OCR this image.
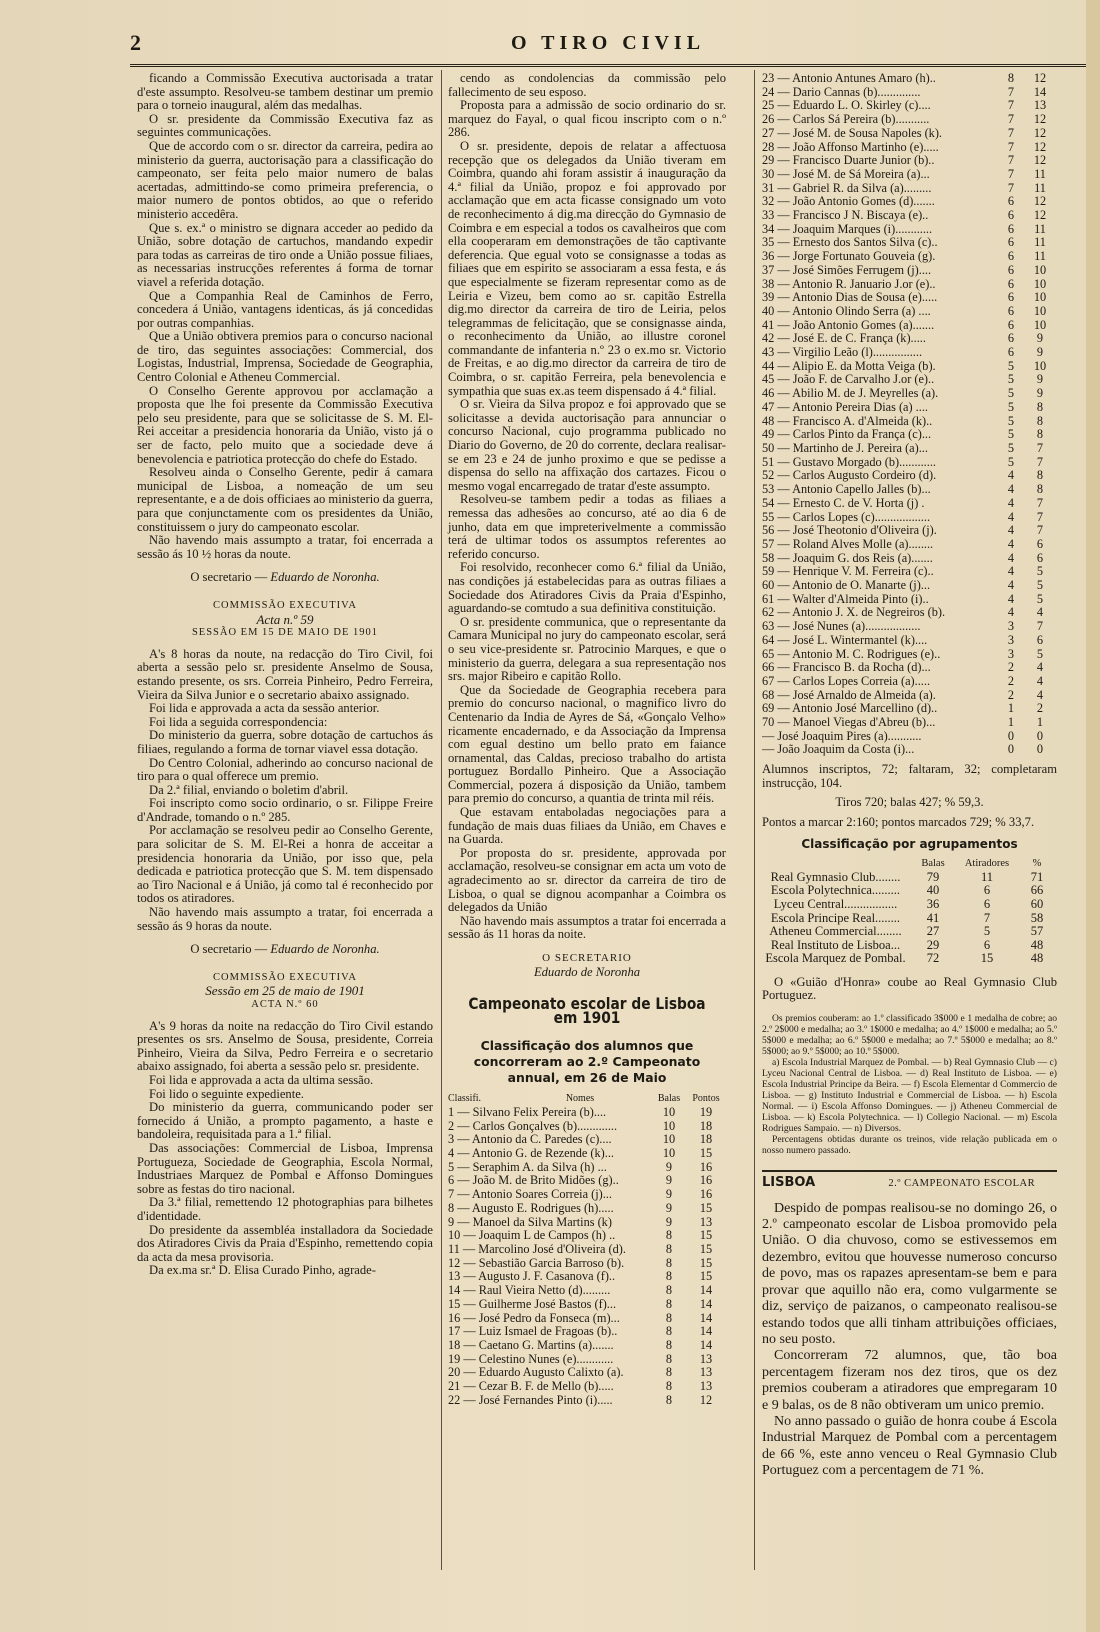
2	O TIRO CIVIL

ficando a Commissão Executiva auctorisada a tratar d'este assumpto. Resolveu-se tambem destinar um premio para o torneio inaugural, além das medalhas.

O sr. presidente da Commissão Executiva faz as seguintes communicações.

Que de accordo com o sr. director da carreira, pedira ao ministerio da guerra, auctorisação para a classificação do campeonato, ser feita pelo maior numero de balas acertadas, admittindo-se como primeira preferencia, o maior numero de pontos obtidos, ao que o referido ministerio accedêra.

Que s. ex.ª o ministro se dignara acceder ao pedido da União, sobre dotação de cartuchos, mandando expedir para todas as carreiras de tiro onde a União possue filiaes, as necessarias instrucções referentes á forma de tornar viavel a referida dotação.

Que a Companhia Real de Caminhos de Ferro, concedera á União, vantagens identicas, ás já concedidas por outras companhias.

Que a União obtivera premios para o concurso nacional de tiro, das seguintes associações: Commercial, dos Logistas, Industrial, Imprensa, Sociedade de Geographia, Centro Colonial e Atheneu Commercial.

O Conselho Gerente approvou por acclamação a proposta que lhe foi presente da Commissão Executiva pelo seu presidente, para que se solicitasse de S. M. El-Rei acceitar a presidencia honoraria da União, visto já o ser de facto, pelo muito que a sociedade deve á benevolencia e patriotica protecção do chefe do Estado.

Resolveu ainda o Conselho Gerente, pedir á camara municipal de Lisboa, a nomeação de um seu representante, e a de dois officiaes ao ministerio da guerra, para que conjunctamente com os presidentes da União, constituissem o jury do campeonato escolar.

Não havendo mais assumpto a tratar, foi encerrada a sessão ás 10 ½ horas da noute.

O secretario — Eduardo de Noronha.
COMMISSÃO EXECUTIVA
Acta n.º 59
SESSÃO EM 15 DE MAIO DE 1901

A's 8 horas da noute, na redacção do Tiro Civil, foi aberta a sessão pelo sr. presidente Anselmo de Sousa, estando presente, os srs. Correia Pinheiro, Pedro Ferreira, Vieira da Silva Junior e o secretario abaixo assignado.

Foi lida e approvada a acta da sessão anterior.

Foi lida a seguida correspondencia:

Do ministerio da guerra, sobre dotação de cartuchos ás filiaes, regulando a forma de tornar viavel essa dotação.

Do Centro Colonial, adherindo ao concurso nacional de tiro para o qual offerece um premio.

Da 2.ª filial, enviando o boletim d'abril.

Foi inscripto como socio ordinario, o sr. Filippe Freire d'Andrade, tomando o n.º 285.

Por acclamação se resolveu pedir ao Conselho Gerente, para solicitar de S. M. El-Rei a honra de acceitar a presidencia honoraria da União, por isso que, pela dedicada e patriotica protecção que S. M. tem dispensado ao Tiro Nacional e á União, já como tal é reconhecido por todos os atiradores.

Não havendo mais assumpto a tratar, foi encerrada a sessão ás 9 horas da noute.

O secretario — Eduardo de Noronha.
COMMISSÃO EXECUTIVA
Sessão em 25 de maio de 1901
ACTA N.º 60

A's 9 horas da noite na redacção do Tiro Civil estando presentes os srs. Anselmo de Sousa, presidente, Correia Pinheiro, Vieira da Silva, Pedro Ferreira e o secretario abaixo assignado, foi aberta a sessão pelo sr. presidente.

Foi lida e approvada a acta da ultima sessão.

Foi lido o seguinte expediente.

Do ministerio da guerra, communicando poder ser fornecido á União, a prompto pagamento, a haste e bandoleira, requisitada para a 1.ª filial.

Das associações: Commercial de Lisboa, Imprensa Portugueza, Sociedade de Geographia, Escola Normal, Industriaes Marquez de Pombal e Affonso Domingues sobre as festas do tiro nacional.

Da 3.ª filial, remettendo 12 photographias para bilhetes d'identidade.

Do presidente da assembléa installadora da Sociedade dos Atiradores Civis da Praia d'Espinho, remettendo copia da acta da mesa provisoria.

Da ex.ma sr.ª D. Elisa Curado Pinho, agrade-

cendo as condolencias da commissão pelo fallecimento de seu esposo.

Proposta para a admissão de socio ordinario do sr. marquez do Fayal, o qual ficou inscripto com o n.º 286.

O sr. presidente, depois de relatar a affectuosa recepção que os delegados da União tiveram em Coimbra, quando ahi foram assistir á inauguração da 4.ª filial da União, propoz e foi approvado por acclamação que em acta ficasse consignado um voto de reconhecimento á dig.ma direcção do Gymnasio de Coimbra e em especial a todos os cavalheiros que com ella cooperaram em demonstrações de tão captivante deferencia. Que egual voto se consignasse a todas as filiaes que em espirito se associaram a essa festa, e ás que especialmente se fizeram representar como as de Leiria e Vizeu, bem como ao sr. capitão Estrella dig.mo director da carreira de tiro de Leiria, pelos telegrammas de felicitação, que se consignasse ainda, o reconhecimento da União, ao illustre coronel commandante de infanteria n.º 23 o ex.mo sr. Victorio de Freitas, e ao dig.mo director da carreira de tiro de Coimbra, o sr. capitão Ferreira, pela benevolencia e sympathia que suas ex.as teem dispensado á 4.ª filial.

O sr. Vieira da Silva propoz e foi approvado que se solicitasse a devida auctorisação para annunciar o concurso Nacional, cujo programma publicado no Diario do Governo, de 20 do corrente, declara realisar-se em 23 e 24 de junho proximo e que se pedisse a dispensa do sello na affixação dos cartazes. Ficou o mesmo vogal encarregado de tratar d'este assumpto.

Resolveu-se tambem pedir a todas as filiaes a remessa das adhesões ao concurso, até ao dia 6 de junho, data em que impreterivelmente a commissão terá de ultimar todos os assumptos referentes ao referido concurso.

Foi resolvido, reconhecer como 6.ª filial da União, nas condições já estabelecidas para as outras filiaes a Sociedade dos Atiradores Civis da Praia d'Espinho, aguardando-se comtudo a sua definitiva constituição.

O sr. presidente communica, que o representante da Camara Municipal no jury do campeonato escolar, será o seu vice-presidente sr. Patrocinio Marques, e que o ministerio da guerra, delegara a sua representação nos srs. major Ribeiro e capitão Rollo.

Que da Sociedade de Geographia recebera para premio do concurso nacional, o magnifico livro do Centenario da India de Ayres de Sá, «Gonçalo Velho» ricamente encadernado, e da Associação da Imprensa com egual destino um bello prato em faiance ornamental, das Caldas, precioso trabalho do artista portuguez Bordallo Pinheiro. Que a Associação Commercial, pozera á disposição da União, tambem para premio do concurso, a quantia de trinta mil réis.

Que estavam entaboladas negociações para a fundação de mais duas filiaes da União, em Chaves e na Guarda.

Por proposta do sr. presidente, approvada por acclamação, resolveu-se consignar em acta um voto de agradecimento ao sr. director da carreira de tiro de Lisboa, o qual se dignou acompanhar a Coimbra os delegados da União

Não havendo mais assumptos a tratar foi encerrada a sessão ás 11 horas da noite.

O SECRETARIO
Eduardo de Noronha
Campeonato escolar de Lisboa em 1901
Classificação dos alumnos que concorreram ao 2.º Campeonato annual, em 26 de Maio
Classifi.	Nomes	Balas	Pontos
1 — Silvano Felix Pereira (b)....	10	19
2 — Carlos Gonçalves (b).............	10	18
3 — Antonio da C. Paredes (c)....	10	18
4 — Antonio G. de Rezende (k)...	10	15
5 — Seraphim A. da Silva (h) ...	9	16
6 — João M. de Brito Midões (g)..	9	16
7 — Antonio Soares Correia (j)...	9	16
8 — Augusto E. Rodrigues (h).....	9	15
9 — Manoel da Silva Martins (k)	9	13
10 — Joaquim L de Campos (h) ..	8	15
11 — Marcolino José d'Oliveira (d).	8	15
12 — Sebastião Garcia Barroso (b).	8	15
13 — Augusto J. F. Casanova (f)..	8	15
14 — Raul Vieira Netto (d).........	8	14
15 — Guilherme José Bastos (f)...	8	14
16 — José Pedro da Fonseca (m)...	8	14
17 — Luiz Ismael de Fragoas (b)..	8	14
18 — Caetano G. Martins (a).......	8	14
19 — Celestino Nunes (e)............	8	13
20 — Eduardo Augusto Calixto (a).	8	13
21 — Cezar B. F. de Mello (b).....	8	13
22 — José Fernandes Pinto (i).....	8	12
23 — Antonio Antunes Amaro (h)..	8	12
24 — Dario Cannas (b)..............	7	14
25 — Eduardo L. O. Skirley (c)....	7	13
26 — Carlos Sá Pereira (b)...........	7	12
27 — José M. de Sousa Napoles (k).	7	12
28 — João Affonso Martinho (e).....	7	12
29 — Francisco Duarte Junior (b)..	7	12
30 — José M. de Sá Moreira (a)...	7	11
31 — Gabriel R. da Silva (a).........	7	11
32 — João Antonio Gomes (d).......	6	12
33 — Francisco J N. Biscaya (e)..	6	12
34 — Joaquim Marques (i)............	6	11
35 — Ernesto dos Santos Silva (c)..	6	11
36 — Jorge Fortunato Gouveia (g).	6	11
37 — José Simões Ferrugem (j)....	6	10
38 — Antonio R. Januario J.or (e)..	6	10
39 — Antonio Dias de Sousa (e).....	6	10
40 — Antonio Olindo Serra (a) ....	6	10
41 — João Antonio Gomes (a).......	6	10
42 — José E. de C. França (k).....	6	9
43 — Virgilio Leão (l)................	6	9
44 — Alipio E. da Motta Veiga (b).	5	10
45 — João F. de Carvalho J.or (e)..	5	9
46 — Abilio M. de J. Meyrelles (a).	5	9
47 — Antonio Pereira Dias (a) ....	5	8
48 — Francisco A. d'Almeida (k)..	5	8
49 — Carlos Pinto da França (c)...	5	8
50 — Martinho de J. Pereira (a)...	5	7
51 — Gustavo Morgado (b)............	5	7
52 — Carlos Augusto Cordeiro (d).	4	8
53 — Antonio Capello Jalles (b)...	4	8
54 — Ernesto C. de V. Horta (j) .	4	7
55 — Carlos Lopes (c)..................	4	7
56 — José Theotonio d'Oliveira (j).	4	7
57 — Roland Alves Molle (a)........	4	6
58 — Joaquim G. dos Reis (a).......	4	6
59 — Henrique V. M. Ferreira (c)..	4	5
60 — Antonio de O. Manarte (j)...	4	5
61 — Walter d'Almeida Pinto (i)..	4	5
62 — Antonio J. X. de Negreiros (b).	4	4
63 — José Nunes (a)..................	3	7
64 — José L. Wintermantel (k)....	3	6
65 — Antonio M. C. Rodrigues (e)..	3	5
66 — Francisco B. da Rocha (d)...	2	4
67 — Carlos Lopes Correia (a).....	2	4
68 — José Arnaldo de Almeida (a).	2	4
69 — Antonio José Marcellino (d)..	1	2
70 — Manoel Viegas d'Abreu (b)...	1	1
— José Joaquim Pires (a)...........	0	0
— João Joaquim da Costa (i)...	0	0
Alumnos inscriptos, 72; faltaram, 32; completaram instrucção, 104.
Tiros 720; balas 427; % 59,3.
Pontos a marcar 2:160; pontos marcados 729; % 33,7.
Classificação por agrupamentos
Balas	Atiradores	%
Real Gymnasio Club........	79	11	71
Escola Polytechnica.........	40	6	66
Lyceu Central.................	36	6	60
Escola Principe Real........	41	7	58
Atheneu Commercial........	27	5	57
Real Instituto de Lisboa...	29	6	48
Escola Marquez de Pombal.	72	15	48

O «Guião d'Honra» coube ao Real Gymnasio Club Portuguez.

Os premios couberam: ao 1.º classificado 3$000 e 1 medalha de cobre; ao 2.º 2$000 e medalha; ao 3.º 1$000 e medalha; ao 4.º 1$000 e medalha; ao 5.º 5$000 e medalha; ao 6.º 5$000 e medalha; ao 7.º 5$000 e medalha; ao 8.º 5$000; ao 9.º 5$000; ao 10.º 5$000.

a) Escola Industrial Marquez de Pombal. — b) Real Gymnasio Club — c) Lyceu Nacional Central de Lisboa. — d) Real Instituto de Lisboa. — e) Escola Industrial Principe da Beira. — f) Escola Elementar d Commercio de Lisboa. — g) Instituto Industrial e Commercial de Lisboa. — h) Escola Normal. — i) Escola Affonso Domingues. — j) Atheneu Commercial de Lisboa. — k) Escola Polytechnica. — l) Collegio Nacional. — m) Escola Rodrigues Sampaio. — n) Diversos.

Percentagens obtidas durante os treinos, vide relação publicada em o nosso numero passado.

LISBOA	2.º CAMPEONATO ESCOLAR

Despido de pompas realisou-se no domingo 26, o 2.º campeonato escolar de Lisboa promovido pela União. O dia chuvoso, como se estivessemos em dezembro, evitou que houvesse numeroso concurso de povo, mas os rapazes apresentam-se bem e para provar que aquillo não era, como vulgarmente se diz, serviço de paizanos, o campeonato realisou-se estando todos que alli tinham attribuições officiaes, no seu posto.

Concorreram 72 alumnos, que, tão boa percentagem fizeram nos dez tiros, que os dez premios couberam a atiradores que empregaram 10 e 9 balas, os de 8 não obtiveram um unico premio.

No anno passado o guião de honra coube á Escola Industrial Marquez de Pombal com a percentagem de 66 %, este anno venceu o Real Gymnasio Club Portuguez com a percentagem de 71 %.
